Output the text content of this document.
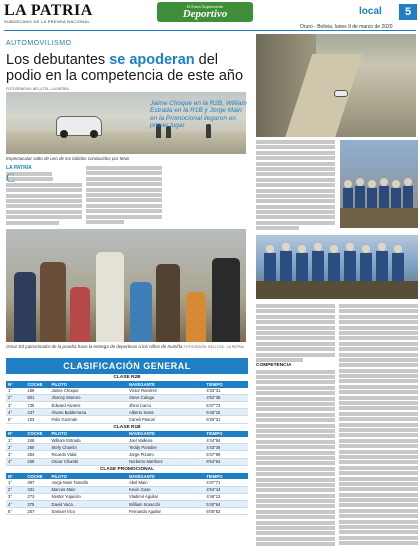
LA PATRIA
SUBDECANO DE LA PRENSA NACIONAL
El Extra Suplemento
Deportivo	local	5
Oruro - Bolivia, lunes 9 de marzo de 2020
AUTOMOVILISMO
Los debutantes se apoderan del podio en la competencia de este año
FOTOGRAFÍAS: BELLOTA - LA PATRIA
Espectacular salto de uno de los bólidos conducidos por Main
Jaime Choque en la R2B, William Estrada en la R1B y Jorge Main en la Promocional llegaron en primer lugar
LA PATRIA
Omar Ed patrocinador de la prueba hace la entrega de deportivos a los niños de Irumiña FOTOGRAFÍA: BELLOTA - LA PATRIA
COMPETENCIA
CLASIFICACIÓN GENERAL
CLASE R2B
N°	COCHE	PILOTO	NAVEGANTE	TIEMPO
1°	189	Jaime Choque	Víctor Ramírez	4'33"31
2°	501	Jhonny Moreno	Steve Calugu	4'52"36
3°	735	Edward Alvarez	Jhimi Carco	5'47"73
4°	437	Álvaro Balderrama	Alberto Seiss	6'46"15
5°	103	Felix Guzmán	Caneli Pascal	6'25"31
CLASE R1B
N°	COCHE	PILOTO	NAVEGANTE	TIEMPO
1°	248	William Estrada	Joel Vaillena	4'44"94
2°	260	Stefy Chambi	Teddy Portalier	4'43"36
3°	254	Ricardo Vidal	Jorge Pizarro	5'47"99
4°	258	Oscar Chambi	Norberto Martínez	6'54"64
CLASE PROMOCIONAL
N°	COCHE	PILOTO	NAVEGANTE	TIEMPO
1°	397	Jorge Main Tamaño	Abel Main	4'47"71
2°	331	Marcos Main	Kevin Gose	4'54"44
3°	273	Nestor Yujación	Vladimir Aguilar	4'46"12
4°	375	David Vaca	William Soracchi	5'40"64
5°	257	Samuel Vico	Fernando Aguilar	6'05"53
